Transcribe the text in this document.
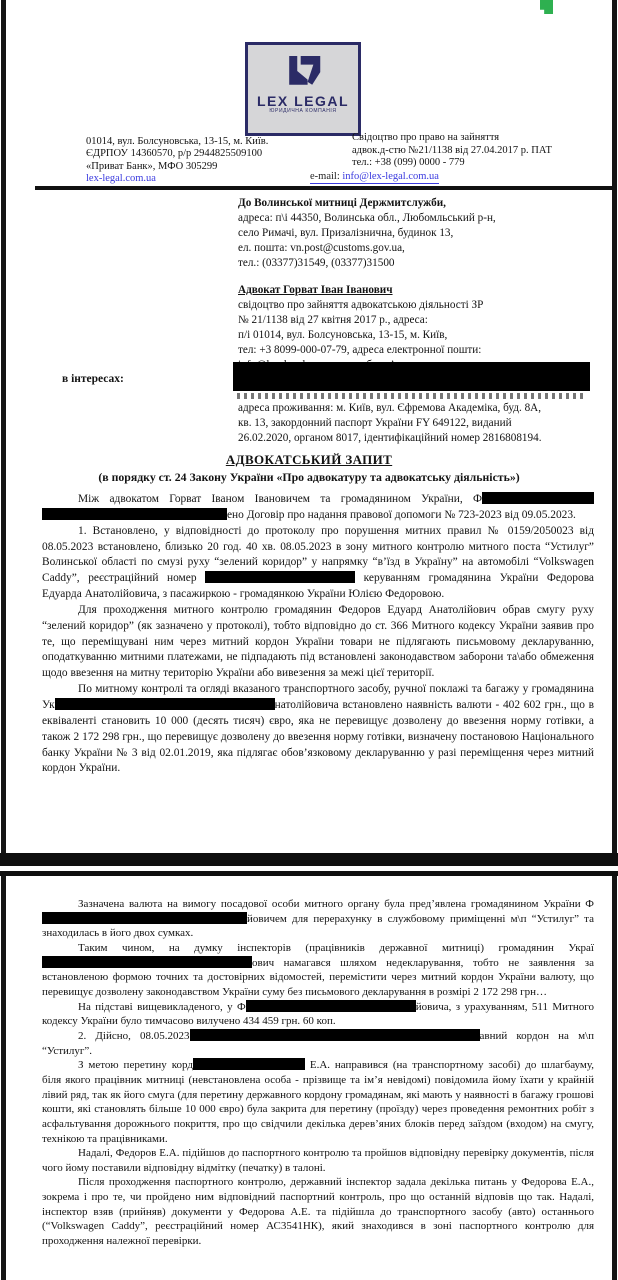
LEX LEGAL
ЮРИДИЧНА КОМПАНІЯ
01014, вул. Болсуновська, 13-15, м. Київ.
ЄДРПОУ 14360570, р/р 2944825509100
«Приват Банк», МФО 305299
lex-legal.com.ua
Свідоцтво про право на зайняття
адвок.д-стю №21/1138 від 27.04.2017 р. ПАТ
тел.: +38 (099) 0000 - 779
e-mail: info@lex-legal.com.ua
До Волинської митниці Держмитслужби,
адреса: п\і 44350, Волинська обл., Любомльський р-н,
село Римачі, вул. Призалізнична, будинок 13,
ел. пошта: vn.post@customs.gov.ua,
тел.: (03377)31549, (03377)31500
Адвокат Горват Іван Іванович
свідоцтво про зайняття адвокатською діяльності ЗР
№ 21/1138 від 27 квітня 2017 р., адреса:
п/і 01014, вул. Болсуновська, 13-15, м. Київ,
тел: +3 8099-000-07-79, адреса електронної пошти:
в інтересах:
адреса проживання: м. Київ, вул. Єфремова Академіка, буд. 8А,
кв. 13, закордонний паспорт України FY 649122, виданий
26.02.2020, органом 8017, ідентифікаційний номер 2816808194.
АДВОКАТСЬКИЙ ЗАПИТ
(в порядку ст. 24 Закону України «Про адвокатуру та адвокатську діяльність»)

Між адвокатом Горват Іваном Івановичем та громадянином України, Фено Договір про надання правової допомоги № 723-2023 від 09.05.2023.

1. Встановлено, у відповідності до протоколу про порушення митних правил № 0159/2050023 від 08.05.2023 встановлено, близько 20 год. 40 хв. 08.05.2023 в зону митного контролю митного поста “Устилуг” Волинської області по смузі руху “зелений коридор” у напрямку “в’їзд в Україну” на автомобілі “Volkswagen Caddy”, реєстраційний номер	керуванням громадянина України Федорова Едуарда Анатолійовича, з пасажиркою - громадянкою України Юлією Федоровою.

Для проходження митного контролю громадянин Федоров Едуард Анатолійович обрав смугу руху “зелений коридор” (як зазначено у протоколі), тобто відповідно до ст. 366 Митного кодексу України заявив про те, що переміщувані ним через митний кордон України товари не підлягають письмовому декларуванню, оподаткуванню митними платежами, не підпадають під встановлені законодавством заборони та\або обмеження щодо ввезення на митну територію України або вивезення за межі цієї території.

По митному контролі та огляді вказаного транспортного засобу, ручної поклажі та багажу у громадянина Ук	натолійовича встановлено наявність валюти - 402 602 грн., що в еквіваленті становить 10 000 (десять тисяч) євро, яка не перевищує дозволену до ввезення норму готівки, а також 2 172 298 грн., що перевищує дозволену до ввезення норму готівки, визначену постановою Національного банку України № 3 від 02.01.2019, яка підлягає обов’язковому декларуванню у разі переміщення через митний кордон України.

Зазначена валюта на вимогу посадової особи митного органу була пред’явлена громадянином України Фйовичем для перерахунку в службовому приміщенні м\п “Устилуг” та знаходилась в його двох сумках.

Таким чином, на думку інспекторів (працівників державної митниці) громадянин Україович намагався шляхом недекларування, тобто не заявлення за встановленою формою точних та достовірних відомостей, перемістити через митний кордон України валюту, що перевищує дозволену законодавством України суму без письмового декларування в розмірі 2 172 298 грн…

На підставі вищевикладеного, у Ф	йовича, з урахуванням, 511 Митного кодексу України було тимчасово вилучено 434 459 грн. 60 коп.

2. Дійсно, 08.05.2023	авний кордон на м\п “Устилуг”.

З метою перетину корд	Е.А. направився (на транспортному засобі) до шлагбауму, біля якого працівник митниці (невстановлена особа - прізвище та ім’я невідомі) повідомила йому їхати у крайній лівий ряд, так як його смуга (для перетину державного кордону громадянам, які мають у наявності в багажу грошові кошти, які становлять більше 10 000 євро) була закрита для перетину (проїзду) через проведення ремонтних робіт з асфальтування дорожнього покриття, про що свідчили декілька дерев’яних блоків перед заїздом (входом) на смугу, технікою та працівниками.

Надалі, Федоров Е.А. підійшов до паспортного контролю та пройшов відповідну перевірку документів, після чого йому поставили відповідну відмітку (печатку) в талоні.

Після проходження паспортного контролю, державний інспектор задала декілька питань у Федорова Е.А., зокрема і про те, чи пройдено ним відповідний паспортний контроль, про що останній відповів що так. Надалі, інспектор взяв (прийняв) документи у Федорова А.Е. та підійшла до транспортного засобу (авто) останнього (“Volkswagen Caddy”, реєстраційний номер АС3541НК), який знаходився в зоні паспортного контролю для проходження належної перевірки.
